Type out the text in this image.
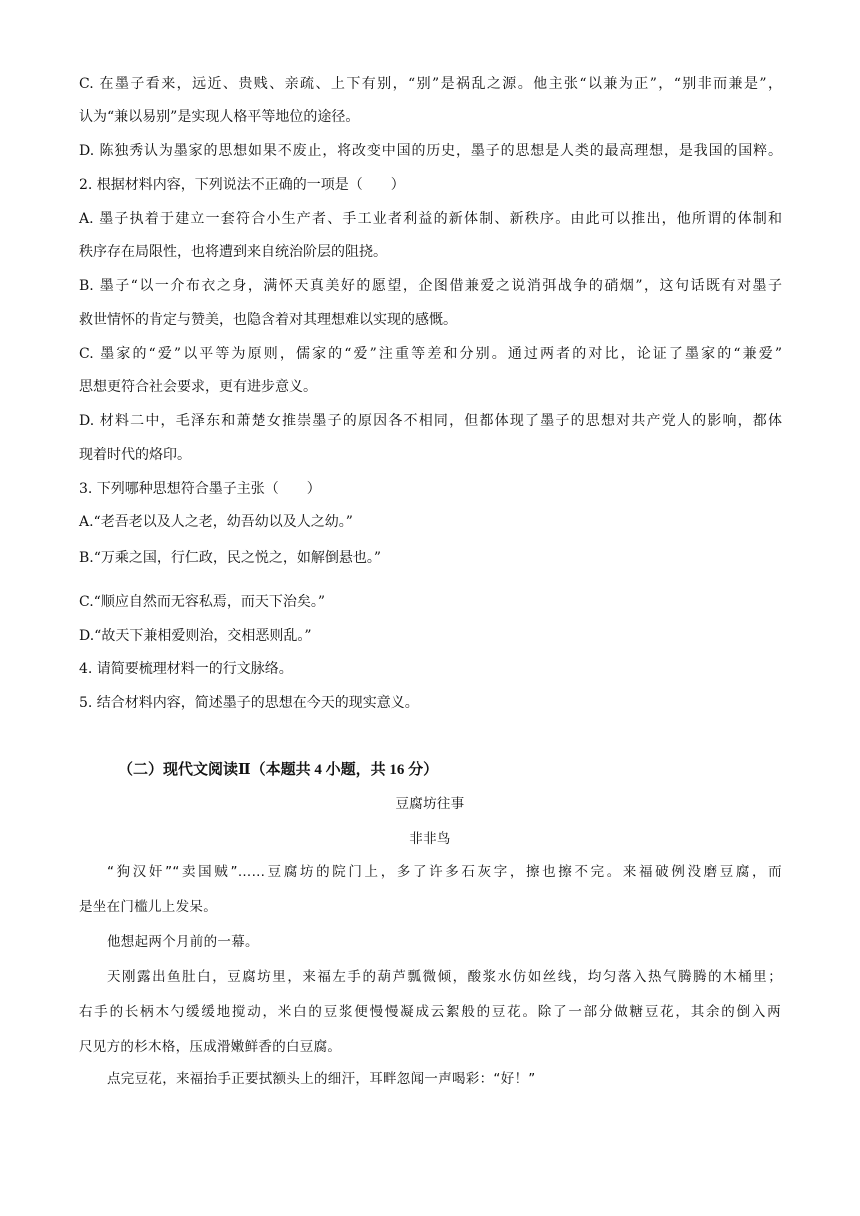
C. 在墨子看来，远近、贵贱、亲疏、上下有别，“别”是祸乱之源。他主张“以兼为正”，“别非而兼是”，
认为“兼以易别”是实现人格平等地位的途径。
D. 陈独秀认为墨家的思想如果不废止，将改变中国的历史，墨子的思想是人类的最高理想，是我国的国粹。
2. 根据材料内容，下列说法不正确的一项是（　　）
A. 墨子执着于建立一套符合小生产者、手工业者利益的新体制、新秩序。由此可以推出，他所谓的体制和
秩序存在局限性，也将遭到来自统治阶层的阻挠。
B. 墨子“以一介布衣之身，满怀天真美好的愿望，企图借兼爱之说消弭战争的硝烟”，这句话既有对墨子
救世情怀的肯定与赞美，也隐含着对其理想难以实现的感慨。
C. 墨家的“爱”以平等为原则，儒家的“爱”注重等差和分别。通过两者的对比，论证了墨家的“兼爱”
思想更符合社会要求，更有进步意义。
D. 材料二中，毛泽东和萧楚女推崇墨子的原因各不相同，但都体现了墨子的思想对共产党人的影响，都体
现着时代的烙印。
3. 下列哪种思想符合墨子主张（　　）
A.“老吾老以及人之老，幼吾幼以及人之幼。”
B.“万乘之国，行仁政，民之悦之，如解倒悬也。”
C.“顺应自然而无容私焉，而天下治矣。”
D.“故天下兼相爱则治，交相恶则乱。”
4. 请简要梳理材料一的行文脉络。
5. 结合材料内容，简述墨子的思想在今天的现实意义。
（二）现代文阅读Ⅱ（本题共 4 小题，共 16 分）
豆腐坊往事
非非鸟
“狗汉奸”“卖国贼”……豆腐坊的院门上，多了许多石灰字，擦也擦不完。来福破例没磨豆腐，而
是坐在门槛儿上发呆。
他想起两个月前的一幕。
天刚露出鱼肚白，豆腐坊里，来福左手的葫芦瓢微倾，酸浆水仿如丝线，均匀落入热气腾腾的木桶里；
右手的长柄木勺缓缓地搅动，米白的豆浆便慢慢凝成云絮般的豆花。除了一部分做糖豆花，其余的倒入两
尺见方的杉木格，压成滑嫩鲜香的白豆腐。
点完豆花，来福抬手正要拭额头上的细汗，耳畔忽闻一声喝彩：“好！”
